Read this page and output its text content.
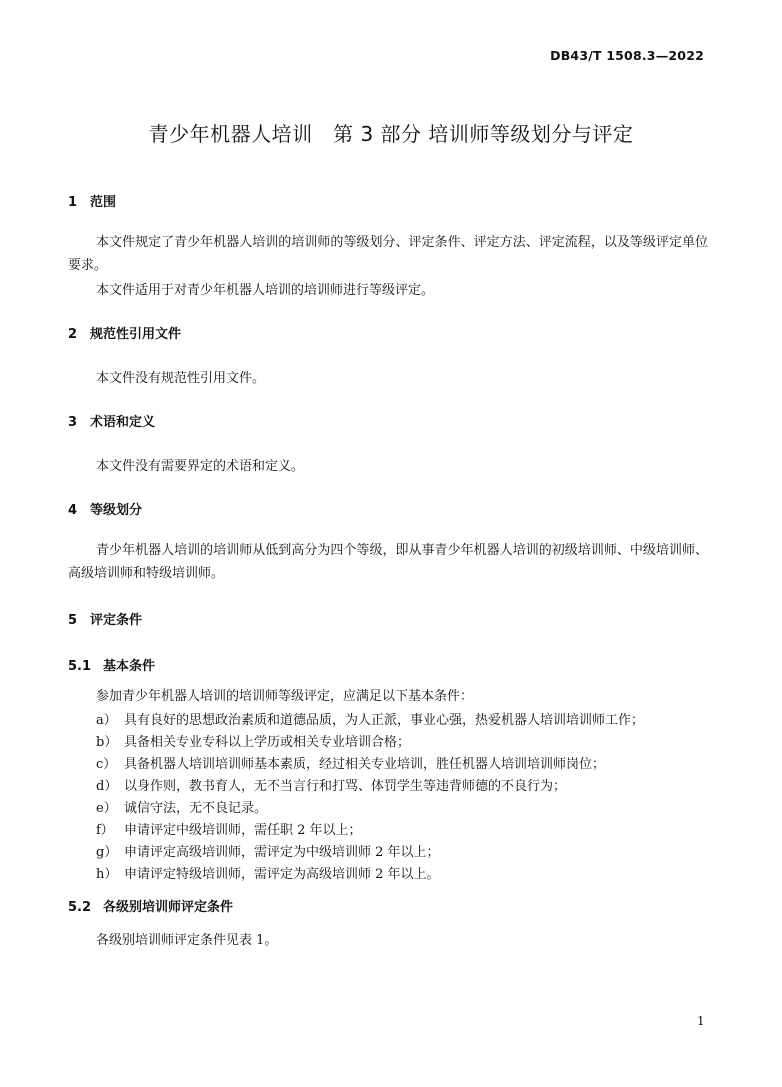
DB43/T 1508.3—2022
青少年机器人培训　第 3 部分 培训师等级划分与评定
1 范围
本文件规定了青少年机器人培训的培训师的等级划分、评定条件、评定方法、评定流程，以及等级评定单位要求。
本文件适用于对青少年机器人培训的培训师进行等级评定。
2 规范性引用文件
本文件没有规范性引用文件。
3 术语和定义
本文件没有需要界定的术语和定义。
4 等级划分
青少年机器人培训的培训师从低到高分为四个等级，即从事青少年机器人培训的初级培训师、中级培训师、高级培训师和特级培训师。
5 评定条件
5.1 基本条件
参加青少年机器人培训的培训师等级评定，应满足以下基本条件：
a） 具有良好的思想政治素质和道德品质，为人正派，事业心强，热爱机器人培训培训师工作；
b） 具备相关专业专科以上学历或相关专业培训合格；
c） 具备机器人培训培训师基本素质，经过相关专业培训，胜任机器人培训培训师岗位；
d） 以身作则，教书育人，无不当言行和打骂、体罚学生等违背师德的不良行为；
e） 诚信守法，无不良记录。
f） 申请评定中级培训师，需任职 2 年以上；
g） 申请评定高级培训师，需评定为中级培训师 2 年以上；
h） 申请评定特级培训师，需评定为高级培训师 2 年以上。
5.2 各级别培训师评定条件
各级别培训师评定条件见表 1。
1
